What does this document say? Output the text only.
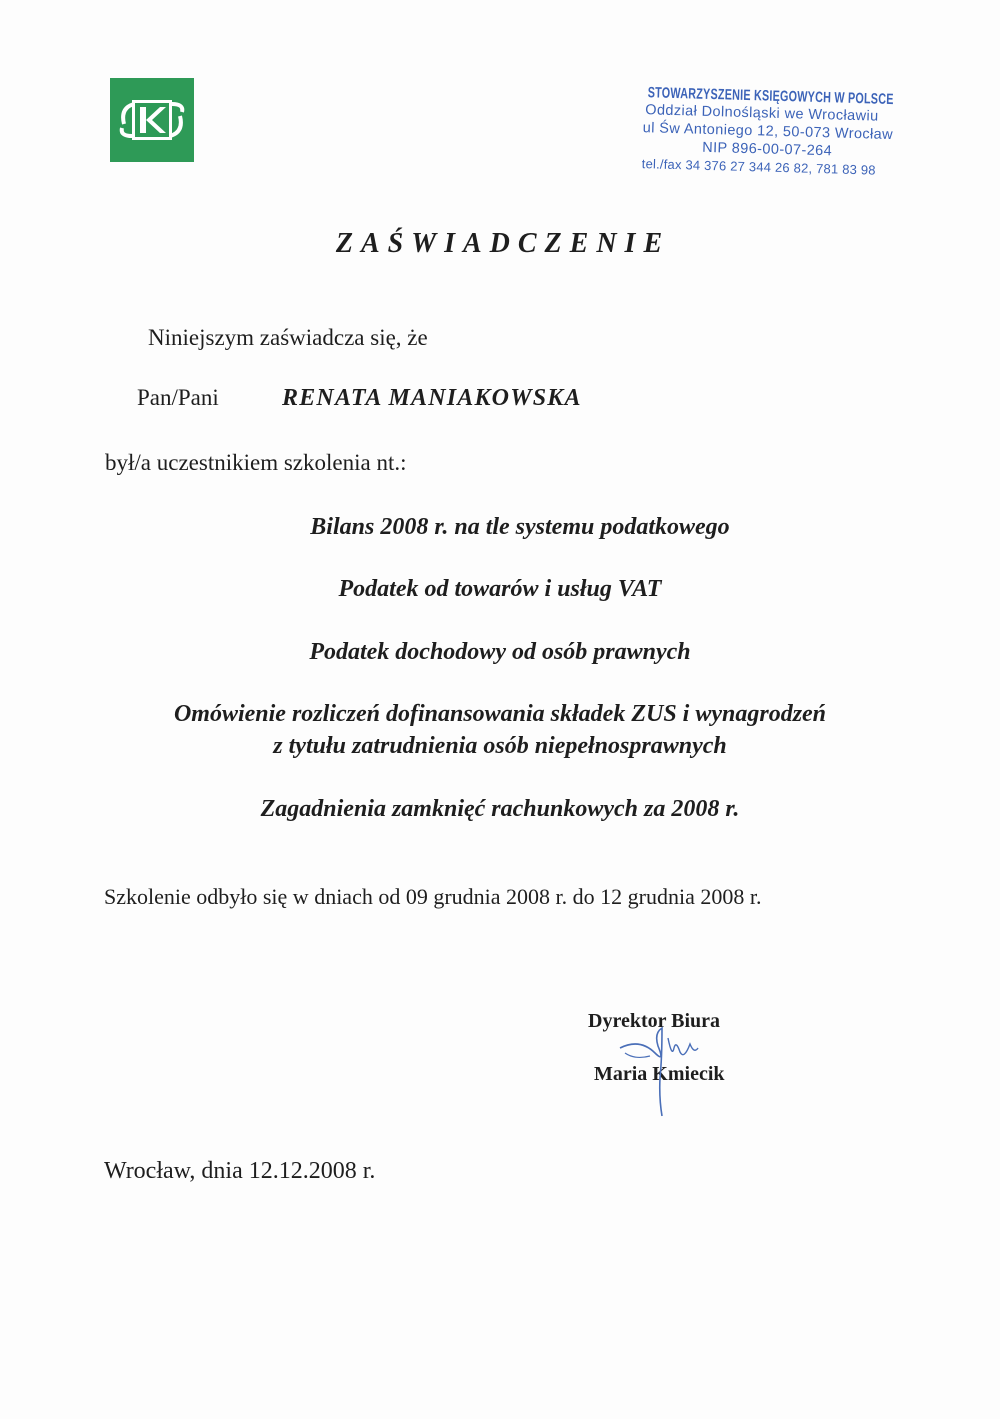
STOWARZYSZENIE KSIĘGOWYCH W POLSCE
Oddział Dolnośląski we Wrocławiu
ul Św Antoniego 12, 50-073 Wrocław
NIP 896-00-07-264
tel./fax 34 376 27 344 26 82, 781 83 98
ZAŚWIADCZENIE
Niniejszym zaświadcza się, że
Pan/Pani	RENATA MANIAKOWSKA
był/a uczestnikiem szkolenia nt.:
Bilans 2008 r. na tle systemu podatkowego
Podatek od towarów i usług VAT
Podatek dochodowy od osób prawnych
Omówienie rozliczeń dofinansowania składek ZUS i wynagrodzeń
z tytułu zatrudnienia osób niepełnosprawnych
Zagadnienia zamknięć rachunkowych za 2008 r.
Szkolenie odbyło się w dniach od 09 grudnia 2008 r. do 12 grudnia 2008 r.
Dyrektor Biura
Maria Kmiecik
Wrocław, dnia 12.12.2008 r.
